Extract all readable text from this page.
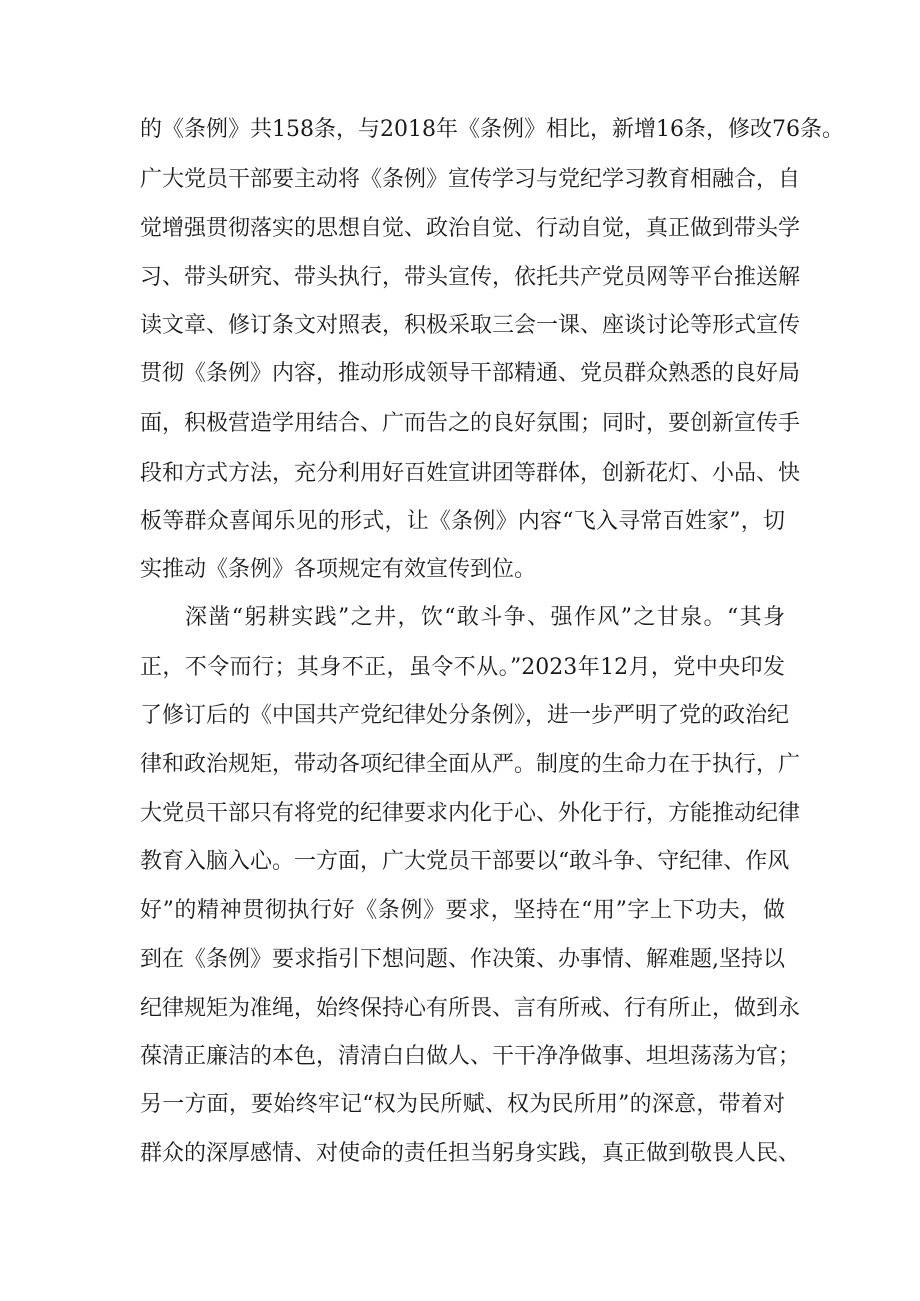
的《条例》共158条，与2018年《条例》相比，新增16条，修改76条。
广大党员干部要主动将《条例》宣传学习与党纪学习教育相融合，自
觉增强贯彻落实的思想自觉、政治自觉、行动自觉，真正做到带头学
习、带头研究、带头执行，带头宣传，依托共产党员网等平台推送解
读文章、修订条文对照表，积极采取三会一课、座谈讨论等形式宣传
贯彻《条例》内容，推动形成领导干部精通、党员群众熟悉的良好局
面，积极营造学用结合、广而告之的良好氛围；同时，要创新宣传手
段和方式方法，充分利用好百姓宣讲团等群体，创新花灯、小品、快
板等群众喜闻乐见的形式，让《条例》内容“飞入寻常百姓家”，切
实推动《条例》各项规定有效宣传到位。
深凿“躬耕实践”之井，饮“敢斗争、强作风”之甘泉。“其身
正，不令而行；其身不正，虽令不从。”2023年12月，党中央印发
了修订后的《中国共产党纪律处分条例》，进一步严明了党的政治纪
律和政治规矩，带动各项纪律全面从严。制度的生命力在于执行，广
大党员干部只有将党的纪律要求内化于心、外化于行，方能推动纪律
教育入脑入心。一方面，广大党员干部要以“敢斗争、守纪律、作风
好”的精神贯彻执行好《条例》要求，坚持在“用”字上下功夫，做
到在《条例》要求指引下想问题、作决策、办事情、解难题,坚持以
纪律规矩为准绳，始终保持心有所畏、言有所戒、行有所止，做到永
葆清正廉洁的本色，清清白白做人、干干净净做事、坦坦荡荡为官；
另一方面，要始终牢记“权为民所赋、权为民所用”的深意，带着对
群众的深厚感情、对使命的责任担当躬身实践，真正做到敬畏人民、
